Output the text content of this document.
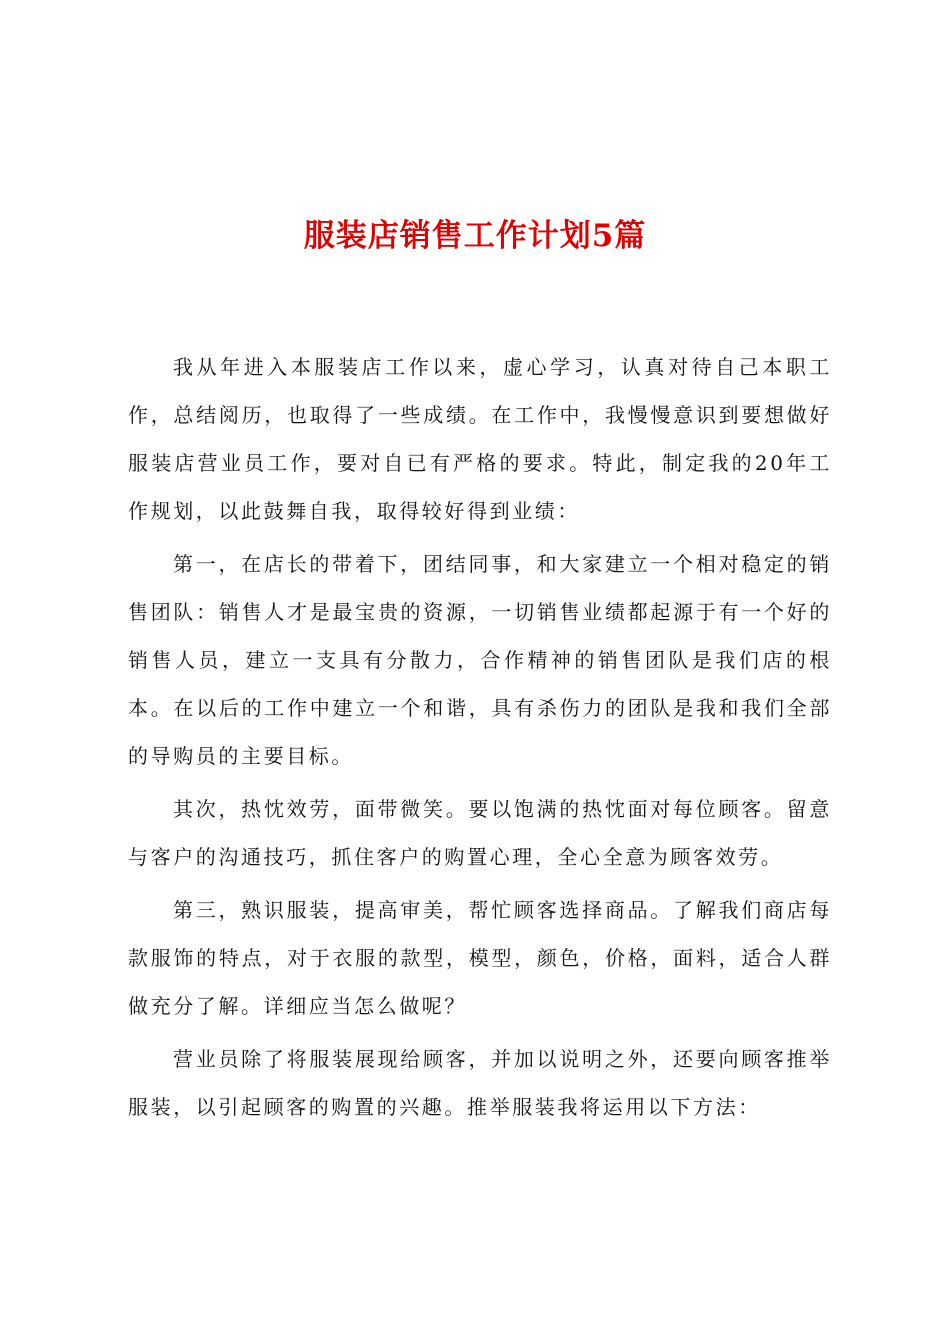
服装店销售工作计划5篇

我从年进入本服装店工作以来，虚心学习，认真对待自己本职工作，总结阅历，也取得了一些成绩。在工作中，我慢慢意识到要想做好服装店营业员工作，要对自已有严格的要求。特此，制定我的20年工作规划，以此鼓舞自我，取得较好得到业绩：

第一，在店长的带着下，团结同事，和大家建立一个相对稳定的销售团队：销售人才是最宝贵的资源，一切销售业绩都起源于有一个好的销售人员，建立一支具有分散力，合作精神的销售团队是我们店的根本。在以后的工作中建立一个和谐，具有杀伤力的团队是我和我们全部的导购员的主要目标。

其次，热忱效劳，面带微笑。要以饱满的热忱面对每位顾客。留意与客户的沟通技巧，抓住客户的购置心理，全心全意为顾客效劳。

第三，熟识服装，提高审美，帮忙顾客选择商品。了解我们商店每款服饰的特点，对于衣服的款型，模型，颜色，价格，面料，适合人群做充分了解。详细应当怎么做呢？

营业员除了将服装展现给顾客，并加以说明之外，还要向顾客推举服装，以引起顾客的购置的兴趣。推举服装我将运用以下方法：
